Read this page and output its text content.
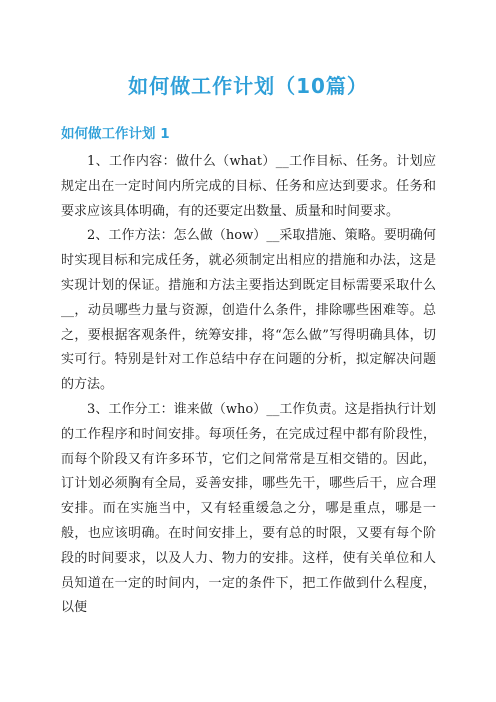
如何做工作计划（10篇）
如何做工作计划 1

1、工作内容：做什么（what）__工作目标、任务。计划应规定出在一定时间内所完成的目标、任务和应达到要求。任务和要求应该具体明确，有的还要定出数量、质量和时间要求。

2、工作方法：怎么做（how）__采取措施、策略。要明确何时实现目标和完成任务，就必须制定出相应的措施和办法，这是实现计划的保证。措施和方法主要指达到既定目标需要采取什么__，动员哪些力量与资源，创造什么条件，排除哪些困难等。总之，要根据客观条件，统筹安排，将“怎么做”写得明确具体，切实可行。特别是针对工作总结中存在问题的分析，拟定解决问题的方法。

3、工作分工：谁来做（who）__工作负责。这是指执行计划的工作程序和时间安排。每项任务，在完成过程中都有阶段性，而每个阶段又有许多环节，它们之间常常是互相交错的。因此，订计划必须胸有全局，妥善安排，哪些先干，哪些后干，应合理安排。而在实施当中，又有轻重缓急之分，哪是重点，哪是一般，也应该明确。在时间安排上，要有总的时限，又要有每个阶段的时间要求，以及人力、物力的安排。这样，使有关单位和人员知道在一定的时间内，一定的条件下，把工作做到什么程度，以便
